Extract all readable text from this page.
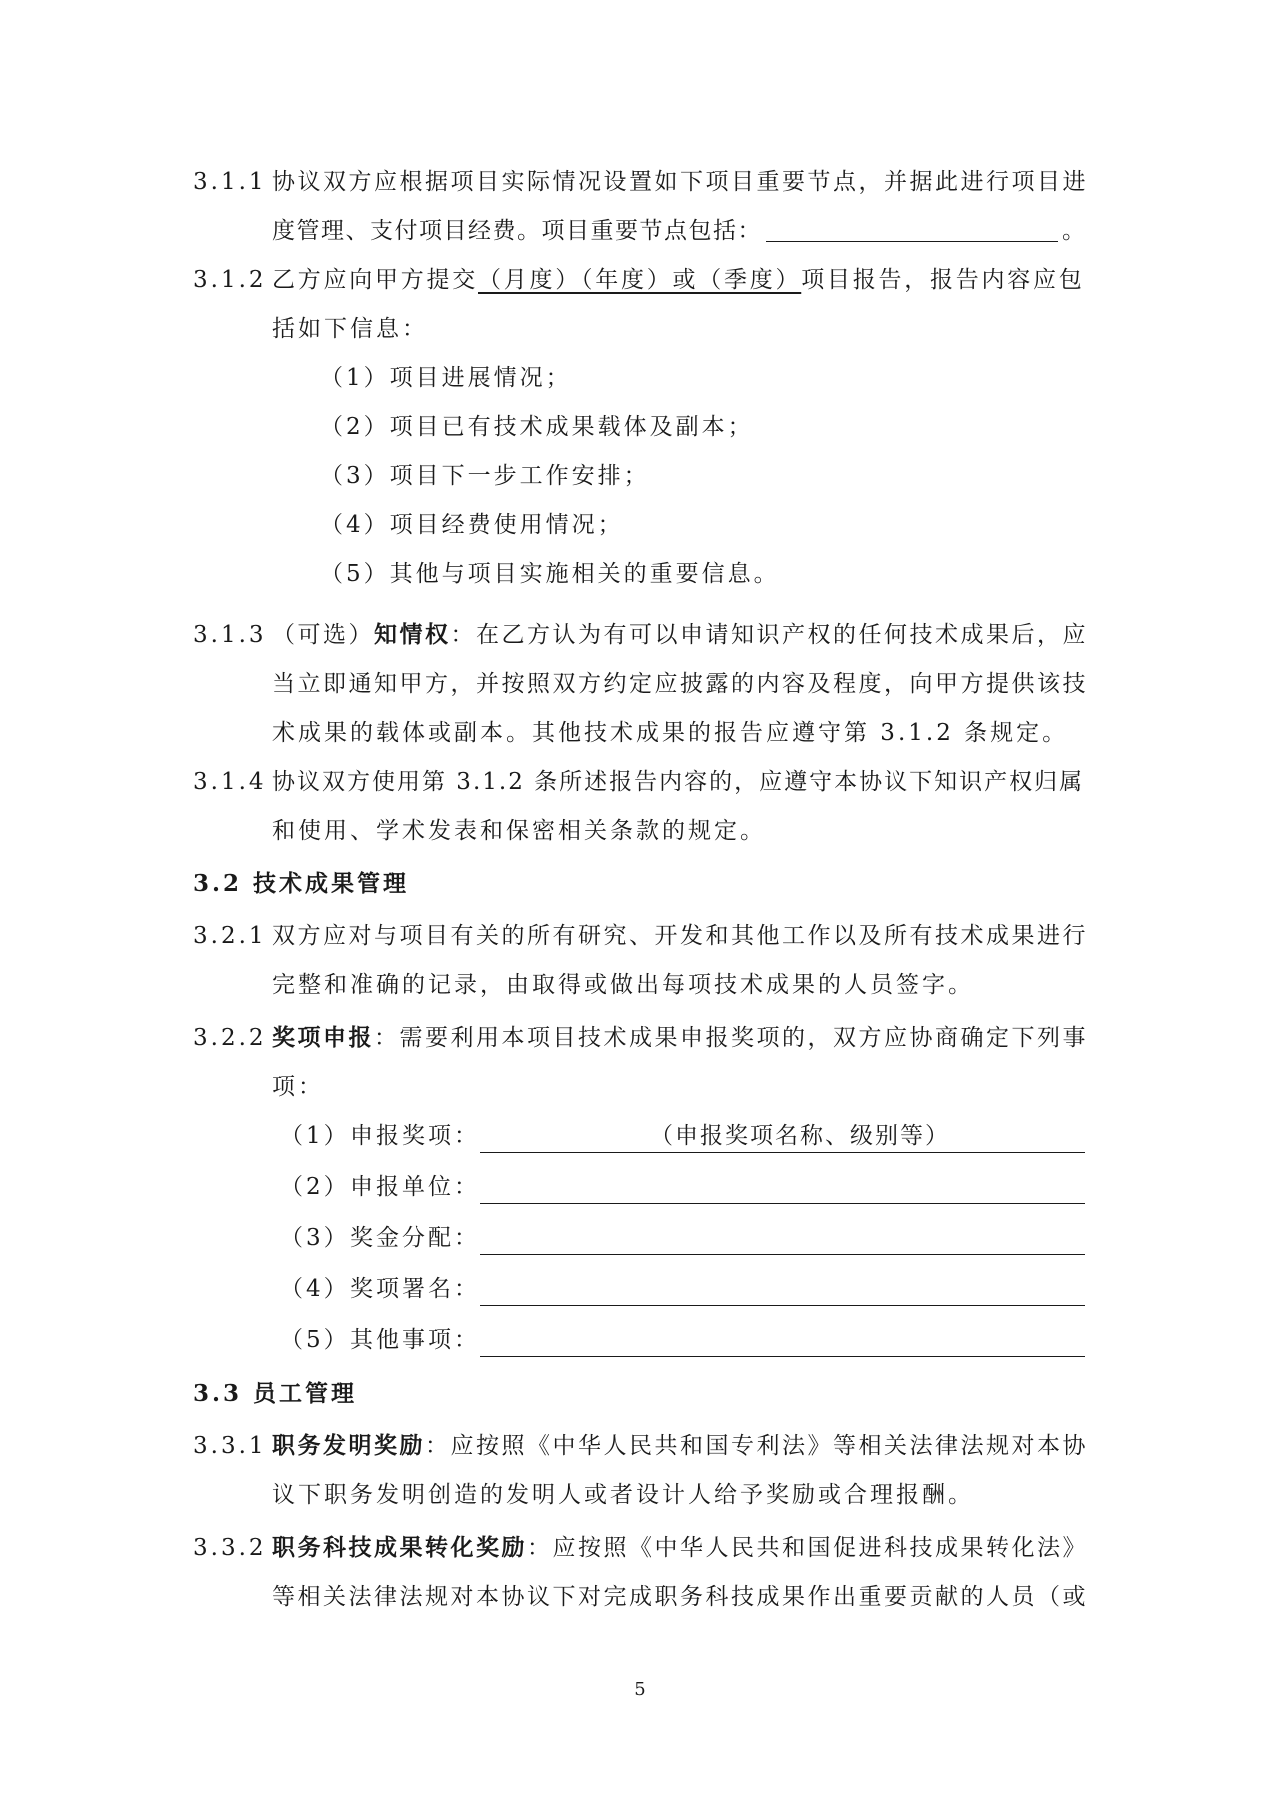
3.1.1 协议双方应根据项目实际情况设置如下项目重要节点，并据此进行项目进
度管理、支付项目经费。项目重要节点包括：	。
3.1.2 乙方应向甲方提交（月度）（年度）或（季度）项目报告，报告内容应包
括如下信息：
（1）项目进展情况；
（2）项目已有技术成果载体及副本；
（3）项目下一步工作安排；
（4）项目经费使用情况；
（5）其他与项目实施相关的重要信息。
3.1.3 （可选）知情权：在乙方认为有可以申请知识产权的任何技术成果后，应
当立即通知甲方，并按照双方约定应披露的内容及程度，向甲方提供该技
术成果的载体或副本。其他技术成果的报告应遵守第 3.1.2 条规定。
3.1.4 协议双方使用第 3.1.2 条所述报告内容的，应遵守本协议下知识产权归属
和使用、学术发表和保密相关条款的规定。
3.2 技术成果管理
3.2.1 双方应对与项目有关的所有研究、开发和其他工作以及所有技术成果进行
完整和准确的记录，由取得或做出每项技术成果的人员签字。
3.2.2 奖项申报：需要利用本项目技术成果申报奖项的，双方应协商确定下列事
项：
（1） 申报奖项：	（申报奖项名称、级别等）
（2） 申报单位：
（3） 奖金分配：
（4） 奖项署名：
（5） 其他事项：
3.3 员工管理
3.3.1 职务发明奖励：应按照《中华人民共和国专利法》等相关法律法规对本协
议下职务发明创造的发明人或者设计人给予奖励或合理报酬。
3.3.2 职务科技成果转化奖励：应按照《中华人民共和国促进科技成果转化法》
等相关法律法规对本协议下对完成职务科技成果作出重要贡献的人员（或
5
